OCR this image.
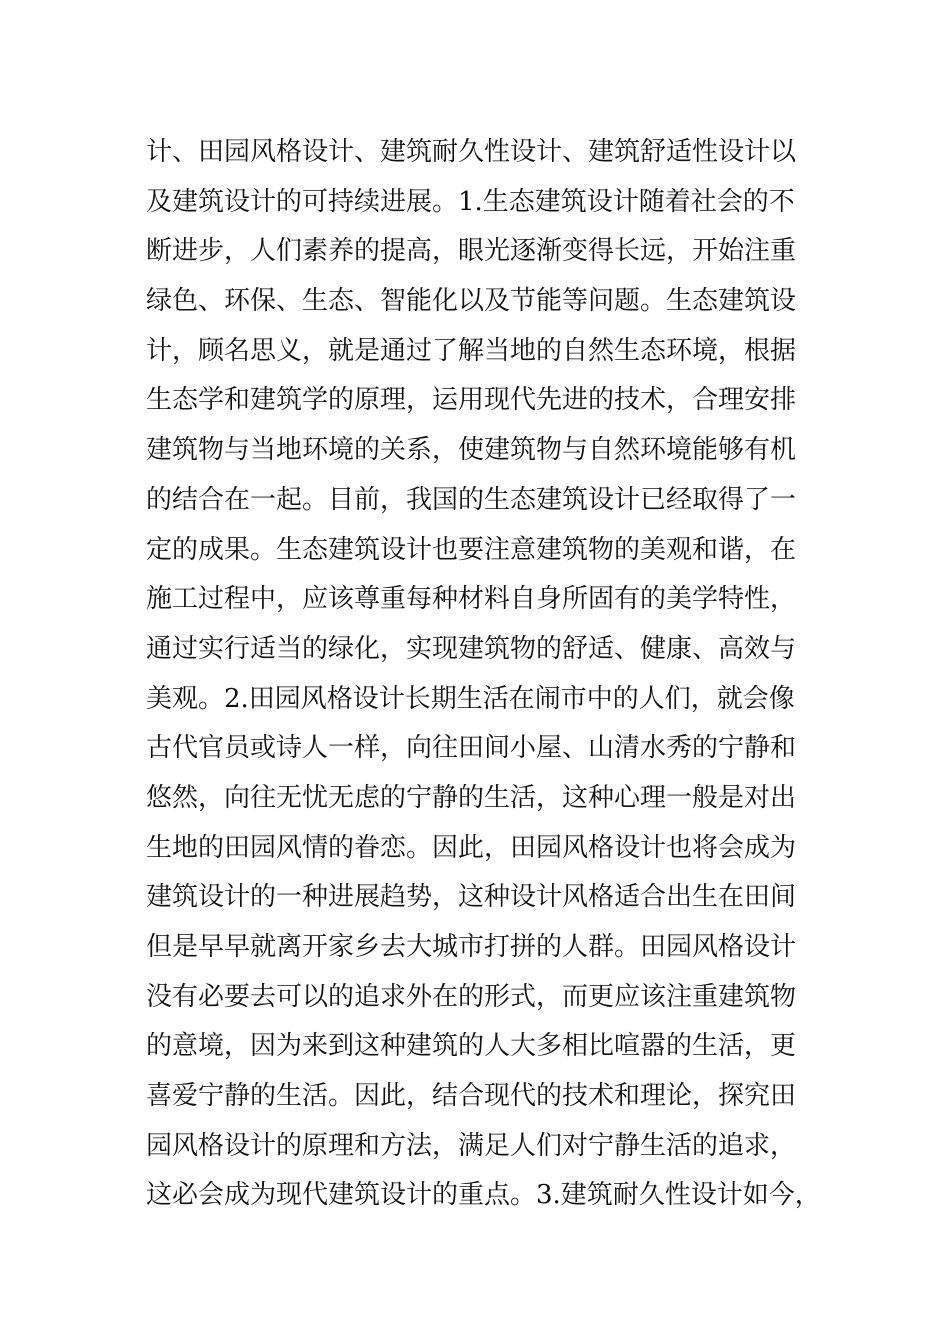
计、田园风格设计、建筑耐久性设计、建筑舒适性设计以
及建筑设计的可持续进展。1.生态建筑设计随着社会的不
断进步，人们素养的提高，眼光逐渐变得长远，开始注重
绿色、环保、生态、智能化以及节能等问题。生态建筑设
计，顾名思义，就是通过了解当地的自然生态环境，根据
生态学和建筑学的原理，运用现代先进的技术，合理安排
建筑物与当地环境的关系，使建筑物与自然环境能够有机
的结合在一起。目前，我国的生态建筑设计已经取得了一
定的成果。生态建筑设计也要注意建筑物的美观和谐，在
施工过程中，应该尊重每种材料自身所固有的美学特性，
通过实行适当的绿化，实现建筑物的舒适、健康、高效与
美观。2.田园风格设计长期生活在闹市中的人们，就会像
古代官员或诗人一样，向往田间小屋、山清水秀的宁静和
悠然，向往无忧无虑的宁静的生活，这种心理一般是对出
生地的田园风情的眷恋。因此，田园风格设计也将会成为
建筑设计的一种进展趋势，这种设计风格适合出生在田间
但是早早就离开家乡去大城市打拼的人群。田园风格设计
没有必要去可以的追求外在的形式，而更应该注重建筑物
的意境，因为来到这种建筑的人大多相比喧嚣的生活，更
喜爱宁静的生活。因此，结合现代的技术和理论，探究田
园风格设计的原理和方法，满足人们对宁静生活的追求，
这必会成为现代建筑设计的重点。3.建筑耐久性设计如今，
